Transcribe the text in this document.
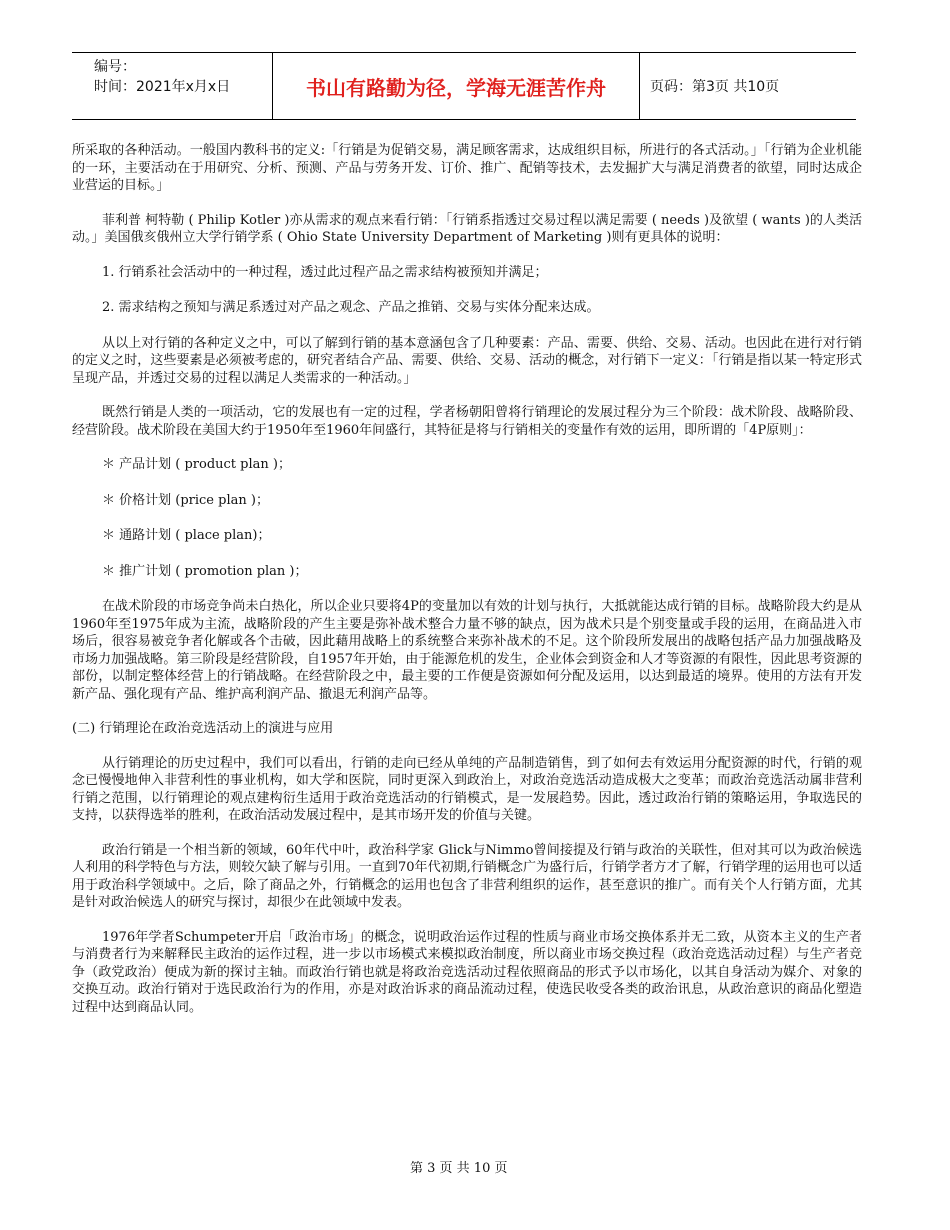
编号：
时间：2021年x月x日	书山有路勤为径，学海无涯苦作舟	页码：第3页 共10页

所采取的各种活动。一般国内教科书的定义:「行销是为促销交易，满足顾客需求，达成组织目标，所进行的各式活动。」「行销为企业机能的一环，主要活动在于用研究、分析、预测、产品与劳务开发、订价、推广、配销等技术，去发掘扩大与满足消费者的欲望，同时达成企业营运的目标。」

菲利普 柯特勒 ( Philip Kotler )亦从需求的观点来看行销：「行销系指透过交易过程以满足需要 ( needs )及欲望 ( wants )的人类活动。」美国俄亥俄州立大学行销学系 ( Ohio State University Department of Marketing )则有更具体的说明：

1. 行销系社会活动中的一种过程，透过此过程产品之需求结构被预知并满足；

2. 需求结构之预知与满足系透过对产品之观念、产品之推销、交易与实体分配来达成。

从以上对行销的各种定义之中，可以了解到行销的基本意涵包含了几种要素：产品、需要、供给、交易、活动。也因此在进行对行销的定义之时，这些要素是必须被考虑的，研究者结合产品、需要、供给、交易、活动的概念，对行销下一定义：「行销是指以某一特定形式呈现产品，并透过交易的过程以满足人类需求的一种活动。」

既然行销是人类的一项活动，它的发展也有一定的过程，学者杨朝阳曾将行销理论的发展过程分为三个阶段：战术阶段、战略阶段、经营阶段。战术阶段在美国大约于1950年至1960年间盛行，其特征是将与行销相关的变量作有效的运用，即所谓的「4P原则」：

＊ 产品计划 ( product plan )；

＊ 价格计划 (price plan )；

＊ 通路计划 ( place plan)；

＊ 推广计划 ( promotion plan )；

在战术阶段的市场竞争尚未白热化，所以企业只要将4P的变量加以有效的计划与执行，大抵就能达成行销的目标。战略阶段大约是从1960年至1975年成为主流，战略阶段的产生主要是弥补战术整合力量不够的缺点，因为战术只是个别变量或手段的运用，在商品进入市场后，很容易被竞争者化解或各个击破，因此藉用战略上的系统整合来弥补战术的不足。这个阶段所发展出的战略包括产品力加强战略及市场力加强战略。第三阶段是经营阶段，自1957年开始，由于能源危机的发生，企业体会到资金和人才等资源的有限性，因此思考资源的部份，以制定整体经营上的行销战略。在经营阶段之中，最主要的工作便是资源如何分配及运用，以达到最适的境界。使用的方法有开发新产品、强化现有产品、维护高利润产品、撤退无利润产品等。

(二) 行销理论在政治竞选活动上的演进与应用

从行销理论的历史过程中，我们可以看出，行销的走向已经从单纯的产品制造销售，到了如何去有效运用分配资源的时代，行销的观念已慢慢地伸入非营利性的事业机构，如大学和医院，同时更深入到政治上，对政治竞选活动造成极大之变革；而政治竞选活动属非营利行销之范围，以行销理论的观点建构衍生适用于政治竞选活动的行销模式，是一发展趋势。因此，透过政治行销的策略运用，争取选民的支持，以获得选举的胜利，在政治活动发展过程中，是其市场开发的价值与关键。

政治行销是一个相当新的领域，60年代中叶，政治科学家 Glick与Nimmo曾间接提及行销与政治的关联性，但对其可以为政治候选人利用的科学特色与方法，则较欠缺了解与引用。一直到70年代初期,行销概念广为盛行后，行销学者方才了解，行销学理的运用也可以适用于政治科学领域中。之后，除了商品之外，行销概念的运用也包含了非营利组织的运作，甚至意识的推广。而有关个人行销方面，尤其是针对政治候选人的研究与探讨，却很少在此领域中发表。

1976年学者Schumpeter开启「政治市场」的概念，说明政治运作过程的性质与商业市场交换体系并无二致，从资本主义的生产者与消费者行为来解释民主政治的运作过程，进一步以市场模式来模拟政治制度，所以商业市场交换过程（政治竞选活动过程）与生产者竞争（政党政治）便成为新的探讨主轴。而政治行销也就是将政治竞选活动过程依照商品的形式予以市场化，以其自身活动为媒介、对象的交换互动。政治行销对于选民政治行为的作用，亦是对政治诉求的商品流动过程，使选民收受各类的政治讯息，从政治意识的商品化塑造过程中达到商品认同。

第 3 页 共 10 页
